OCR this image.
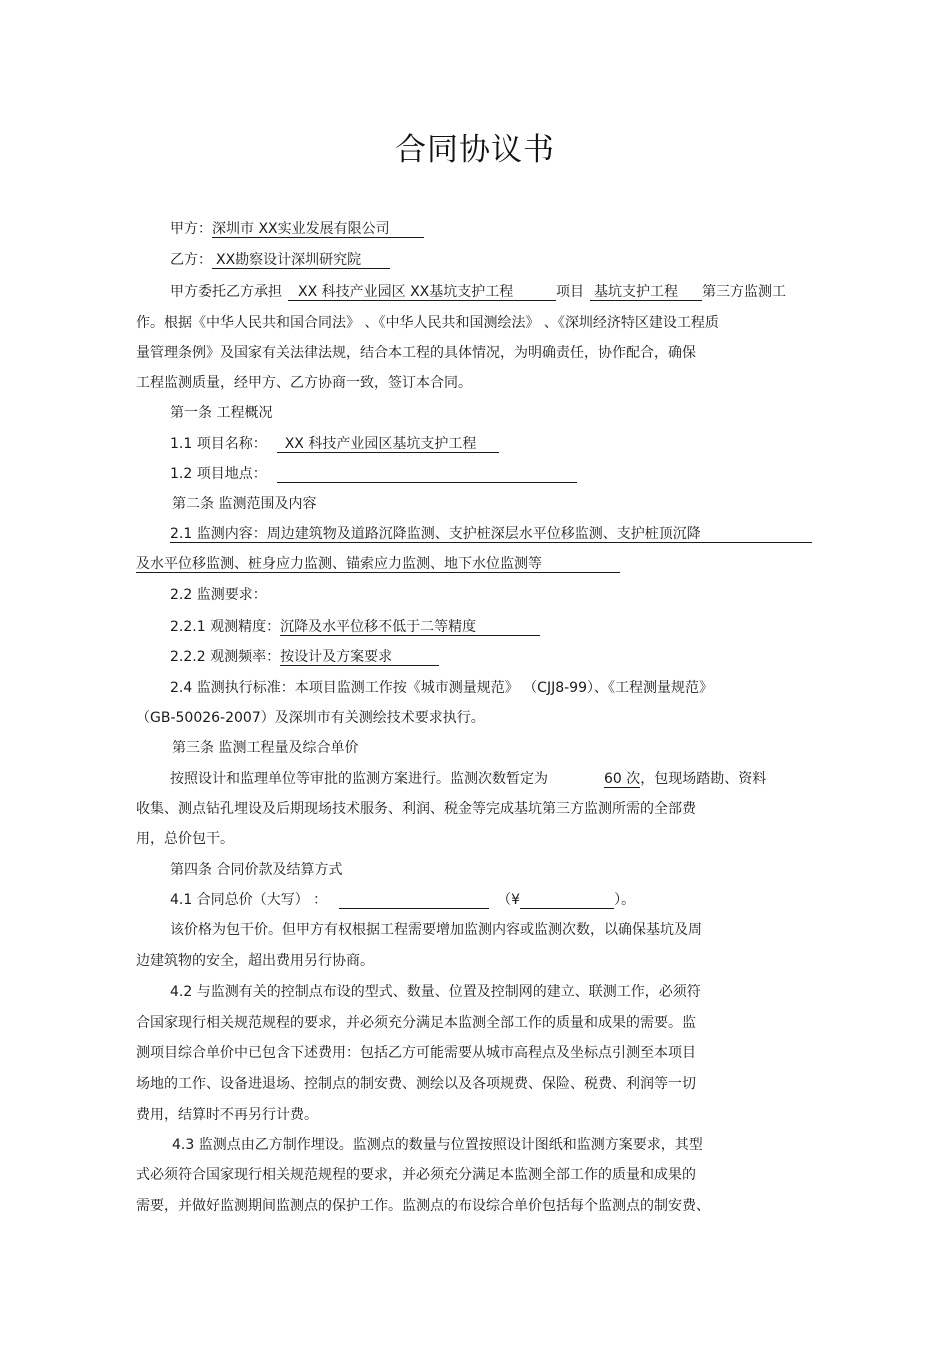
合同协议书
甲方：深圳市 XX实业发展有限公司
乙方： XX勘察设计深圳研究院
甲方委托乙方承担 XX 科技产业园区 XX基坑支护工程	项目 基坑支护工程 第三方监测工
作。根据《中华人民共和国合同法》 、《中华人民共和国测绘法》 、《深圳经济特区建设工程质
量管理条例》及国家有关法律法规，结合本工程的具体情况，为明确责任，协作配合，确保
工程监测质量，经甲方、乙方协商一致，签订本合同。
第一条 工程概况
1.1 项目名称： XX 科技产业园区基坑支护工程
1.2 项目地点：
第二条 监测范围及内容
2.1 监测内容：周边建筑物及道路沉降监测、支护桩深层水平位移监测、支护桩顶沉降
及水平位移监测、桩身应力监测、锚索应力监测、地下水位监测等
2.2 监测要求：
2.2.1 观测精度：沉降及水平位移不低于二等精度
2.2.2 观测频率：按设计及方案要求
2.4 监测执行标准：本项目监测工作按《城市测量规范》 （CJJ8-99）、《工程测量规范》
（GB-50026-2007）及深圳市有关测绘技术要求执行。
第三条 监测工程量及综合单价
按照设计和监理单位等审批的监测方案进行。监测次数暂定为	60 次，包现场踏勘、资料
收集、测点钻孔埋设及后期现场技术服务、利润、税金等完成基坑第三方监测所需的全部费
用，总价包干。
第四条 合同价款及结算方式
4.1 合同总价（大写） ：	（¥	）。
该价格为包干价。但甲方有权根据工程需要增加监测内容或监测次数，以确保基坑及周
边建筑物的安全，超出费用另行协商。
4.2 与监测有关的控制点布设的型式、数量、位置及控制网的建立、联测工作，必须符
合国家现行相关规范规程的要求，并必须充分满足本监测全部工作的质量和成果的需要。监
测项目综合单价中已包含下述费用：包括乙方可能需要从城市高程点及坐标点引测至本项目
场地的工作、设备进退场、控制点的制安费、测绘以及各项规费、保险、税费、利润等一切
费用，结算时不再另行计费。
4.3 监测点由乙方制作埋设。监测点的数量与位置按照设计图纸和监测方案要求，其型
式必须符合国家现行相关规范规程的要求，并必须充分满足本监测全部工作的质量和成果的
需要，并做好监测期间监测点的保护工作。监测点的布设综合单价包括每个监测点的制安费、
